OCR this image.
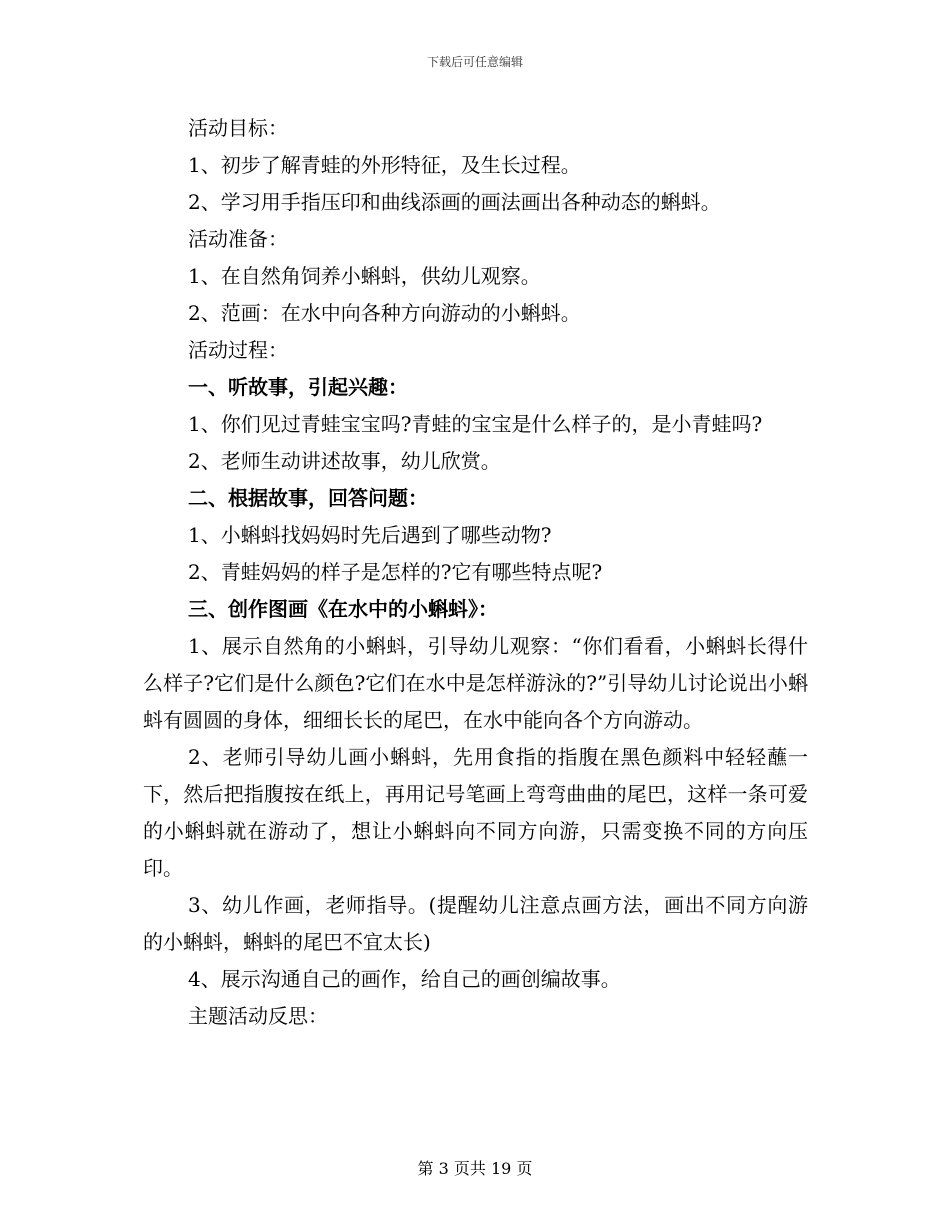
下载后可任意编辑

活动目标：

1、初步了解青蛙的外形特征，及生长过程。

2、学习用手指压印和曲线添画的画法画出各种动态的蝌蚪。

活动准备：

1、在自然角饲养小蝌蚪，供幼儿观察。

2、范画：在水中向各种方向游动的小蝌蚪。

活动过程：

一、听故事，引起兴趣：

1、你们见过青蛙宝宝吗?青蛙的宝宝是什么样子的，是小青蛙吗?

2、老师生动讲述故事，幼儿欣赏。

二、根据故事，回答问题：

1、小蝌蚪找妈妈时先后遇到了哪些动物?

2、青蛙妈妈的样子是怎样的?它有哪些特点呢?

三、创作图画《在水中的小蝌蚪》：

1、展示自然角的小蝌蚪，引导幼儿观察：“你们看看，小蝌蚪长得什么样子?它们是什么颜色?它们在水中是怎样游泳的?”引导幼儿讨论说出小蝌蚪有圆圆的身体，细细长长的尾巴，在水中能向各个方向游动。

2、老师引导幼儿画小蝌蚪，先用食指的指腹在黑色颜料中轻轻蘸一下，然后把指腹按在纸上，再用记号笔画上弯弯曲曲的尾巴，这样一条可爱的小蝌蚪就在游动了，想让小蝌蚪向不同方向游，只需变换不同的方向压印。

3、幼儿作画，老师指导。(提醒幼儿注意点画方法，画出不同方向游的小蝌蚪，蝌蚪的尾巴不宜太长)

4、展示沟通自己的画作，给自己的画创编故事。

主题活动反思：

第 3 页共 19 页
